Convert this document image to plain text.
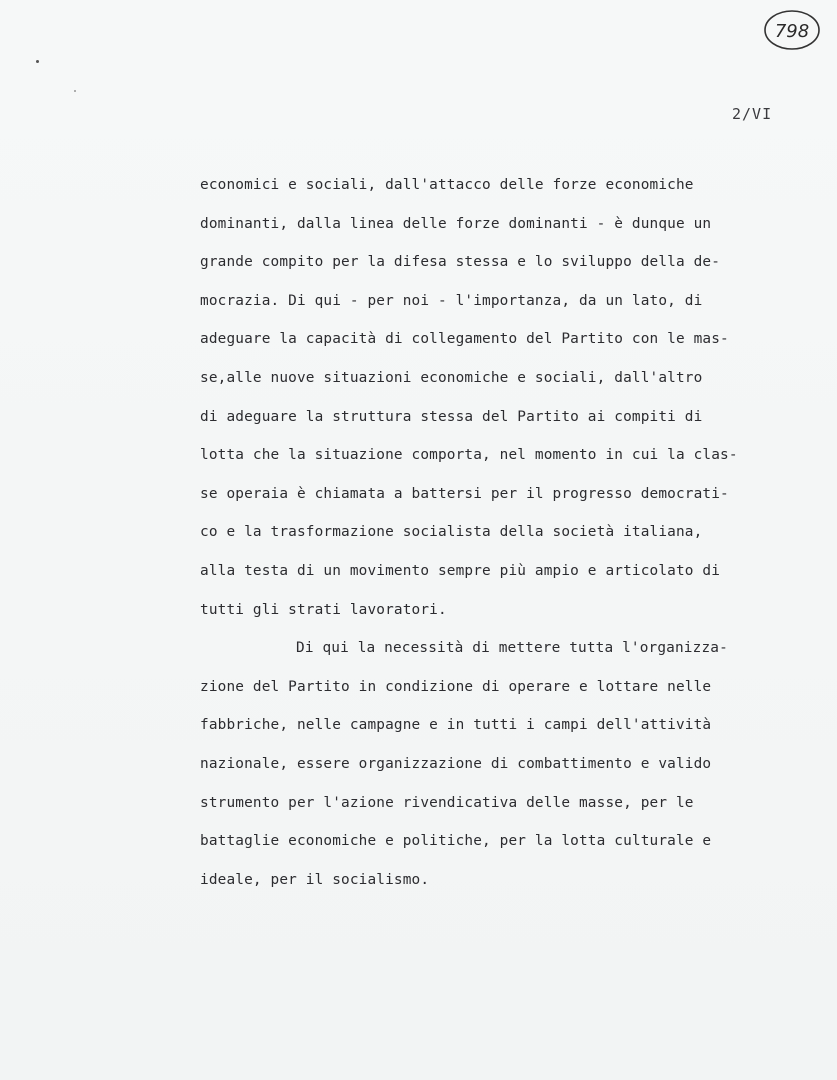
798
2/VI
economici e sociali, dall'attacco delle forze economiche
dominanti, dalla linea delle forze dominanti - è dunque un
grande compito per la difesa stessa e lo sviluppo della de-
mocrazia. Di qui - per noi - l'importanza, da un lato, di
adeguare la capacità di collegamento del Partito con le mas-
se,alle nuove situazioni economiche e sociali, dall'altro
di adeguare la struttura stessa del Partito ai compiti di
lotta che la situazione comporta, nel momento in cui la clas-
se operaia è chiamata a battersi per il progresso democrati-
co e la trasformazione socialista della società italiana,
alla testa di un movimento sempre più ampio e articolato di
tutti gli strati lavoratori.
Di qui la necessità di mettere tutta l'organizza-
zione del Partito in condizione di operare e lottare nelle
fabbriche, nelle campagne e in tutti i campi dell'attività
nazionale, essere organizzazione di combattimento e valido
strumento per l'azione rivendicativa delle masse, per le
battaglie economiche e politiche, per la lotta culturale e
ideale, per il socialismo.
